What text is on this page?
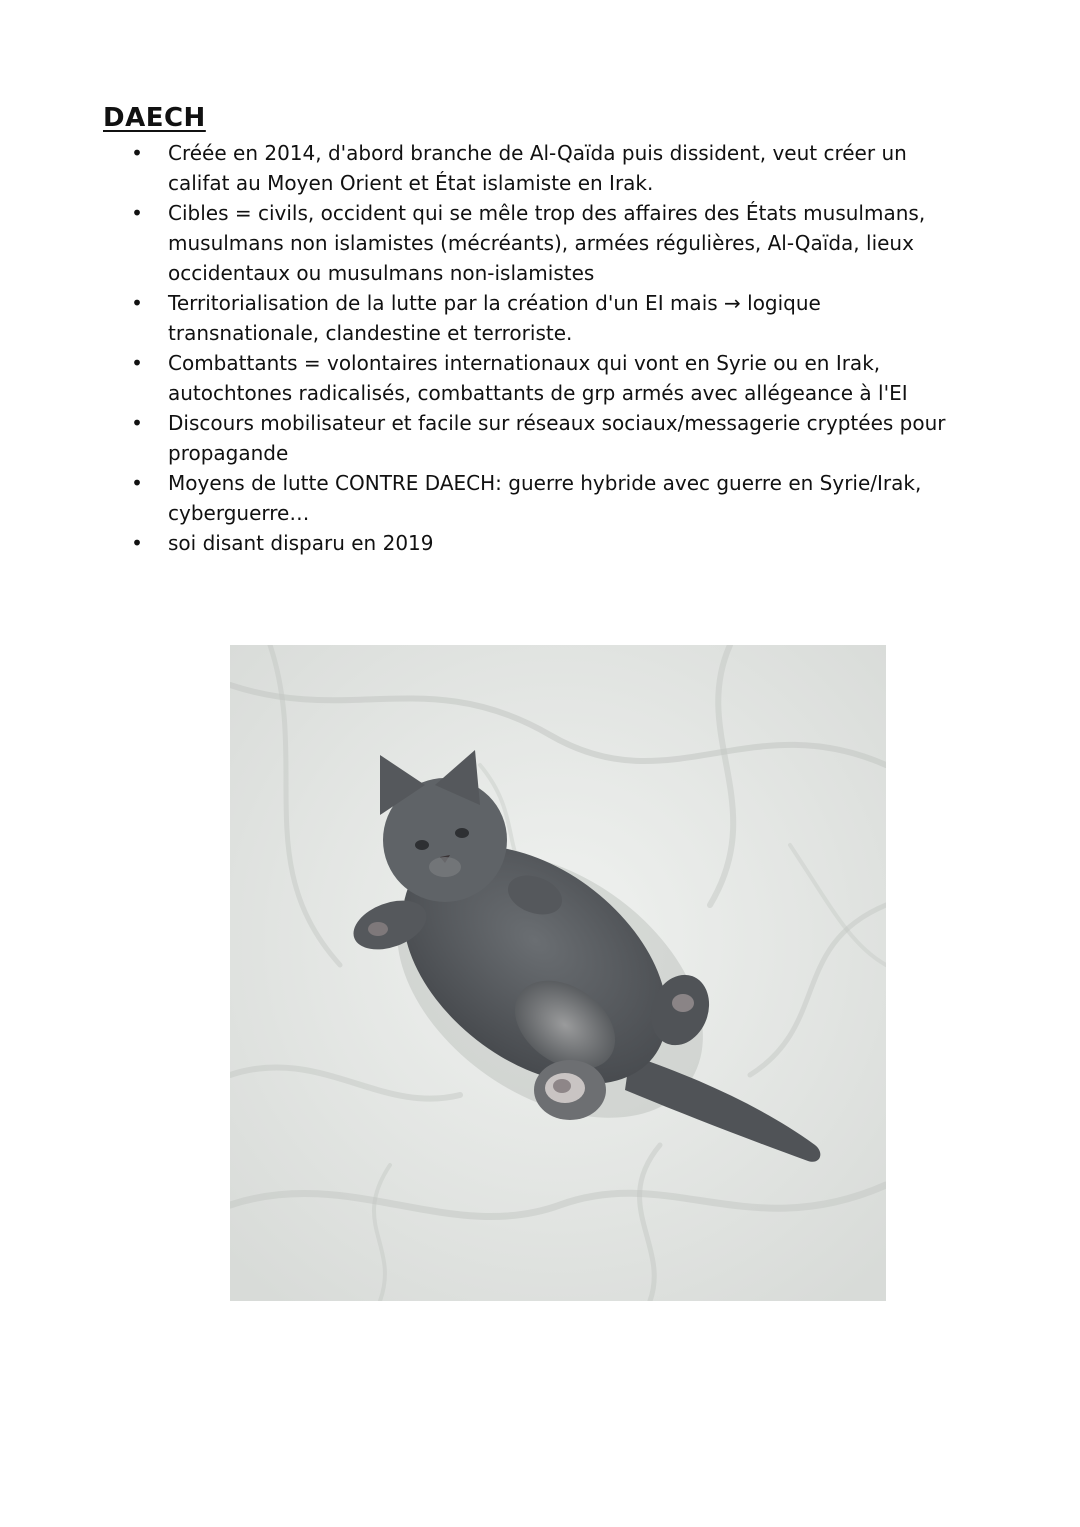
DAECH
• Créée en 2014, d'abord branche de Al-Qaïda puis dissident, veut créer un califat au Moyen Orient et État islamiste en Irak.
• Cibles = civils, occident qui se mêle trop des affaires des États musulmans, musulmans non islamistes (mécréants), armées régulières, Al-Qaïda, lieux occidentaux ou musulmans non-islamistes
• Territorialisation de la lutte par la création d'un EI mais → logique transnationale, clandestine et terroriste.
• Combattants = volontaires internationaux qui vont en Syrie ou en Irak, autochtones radicalisés, combattants de grp armés avec allégeance à l'EI
• Discours mobilisateur et facile sur réseaux sociaux/messagerie cryptées pour propagande
• Moyens de lutte CONTRE DAECH: guerre hybride avec guerre en Syrie/Irak, cyberguerre…
• soi disant disparu en 2019
